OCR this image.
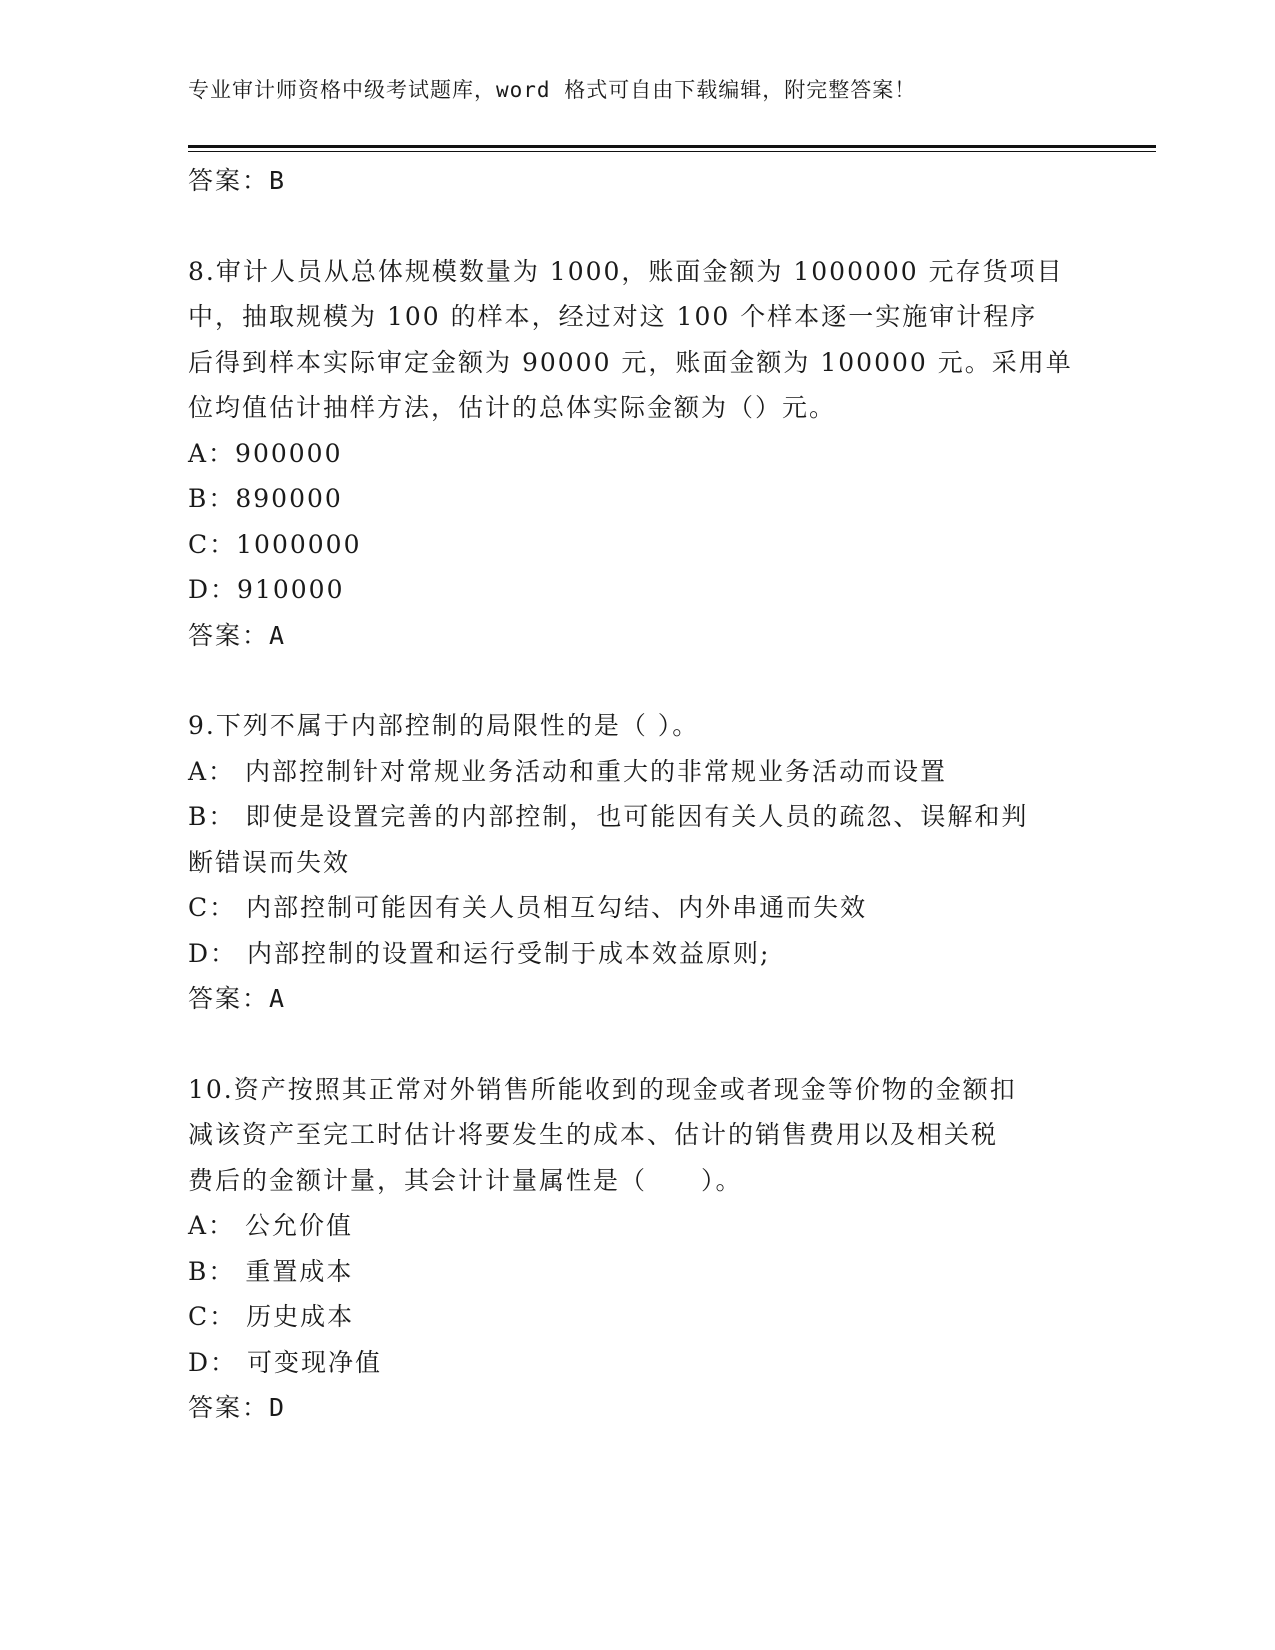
专业审计师资格中级考试题库，word 格式可自由下载编辑，附完整答案！
答案：B
8.审计人员从总体规模数量为 1000，账面金额为 1000000 元存货项目
中，抽取规模为 100 的样本，经过对这 100 个样本逐一实施审计程序
后得到样本实际审定金额为 90000 元，账面金额为 100000 元。采用单
位均值估计抽样方法，估计的总体实际金额为（）元。
A：900000
B：890000
C：1000000
D：910000
答案：A
9.下列不属于内部控制的局限性的是（ ）。
A： 内部控制针对常规业务活动和重大的非常规业务活动而设置
B： 即使是设置完善的内部控制，也可能因有关人员的疏忽、误解和判
断错误而失效
C： 内部控制可能因有关人员相互勾结、内外串通而失效
D： 内部控制的设置和运行受制于成本效益原则;
答案：A
10.资产按照其正常对外销售所能收到的现金或者现金等价物的金额扣
减该资产至完工时估计将要发生的成本、估计的销售费用以及相关税
费后的金额计量，其会计计量属性是（　　）。
A： 公允价值
B： 重置成本
C： 历史成本
D： 可变现净值
答案：D
